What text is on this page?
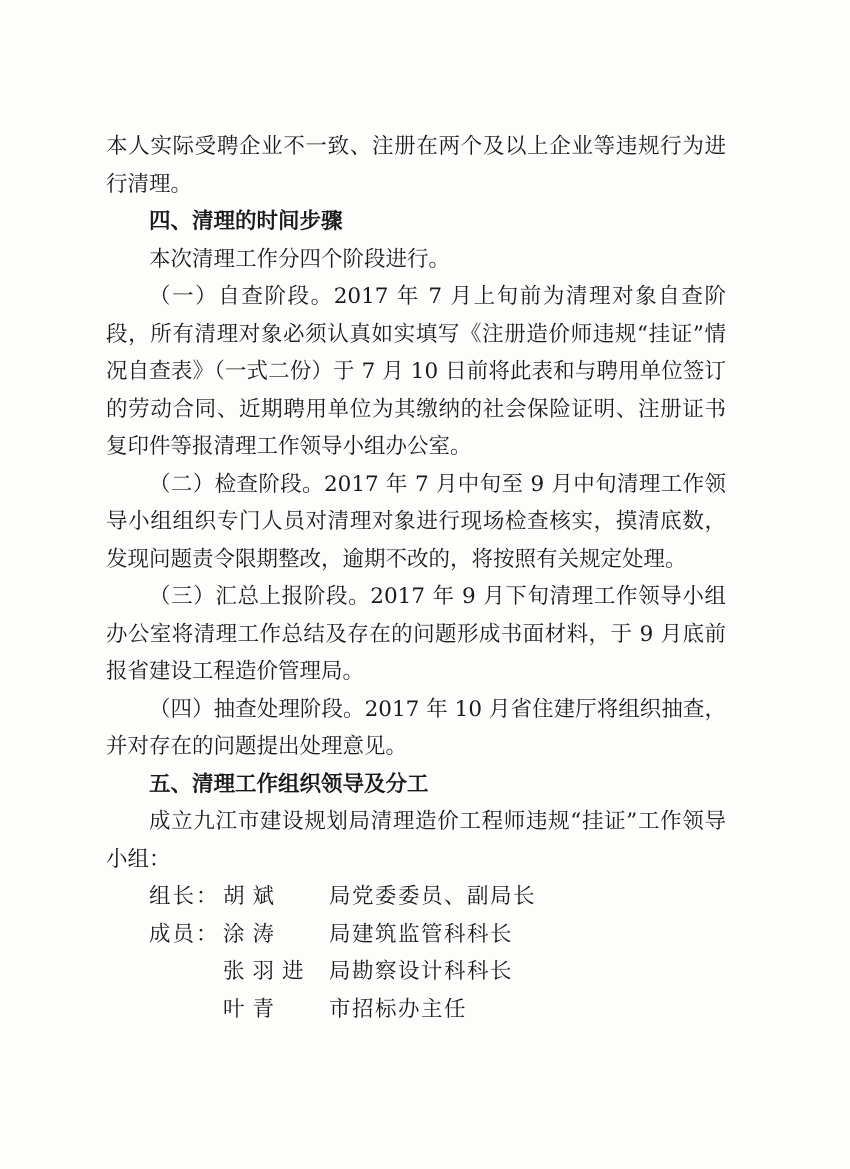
本人实际受聘企业不一致、注册在两个及以上企业等违规行为进行清理。

四、清理的时间步骤

本次清理工作分四个阶段进行。

（一）自查阶段。2017 年 7 月上旬前为清理对象自查阶段，所有清理对象必须认真如实填写《注册造价师违规“挂证”情况自查表》（一式二份）于 7 月 10 日前将此表和与聘用单位签订的劳动合同、近期聘用单位为其缴纳的社会保险证明、注册证书复印件等报清理工作领导小组办公室。

（二）检查阶段。2017 年 7 月中旬至 9 月中旬清理工作领导小组组织专门人员对清理对象进行现场检查核实，摸清底数，发现问题责令限期整改，逾期不改的，将按照有关规定处理。

（三）汇总上报阶段。2017 年 9 月下旬清理工作领导小组办公室将清理工作总结及存在的问题形成书面材料，于 9 月底前报省建设工程造价管理局。

（四）抽查处理阶段。2017 年 10 月省住建厅将组织抽查，并对存在的问题提出处理意见。

五、清理工作组织领导及分工

成立九江市建设规划局清理造价工程师违规“挂证”工作领导小组：

组长： 胡斌	局党委委员、副局长
成员： 涂涛	局建筑监管科科长
张羽进 局勘察设计科科长
叶青	市招标办主任
